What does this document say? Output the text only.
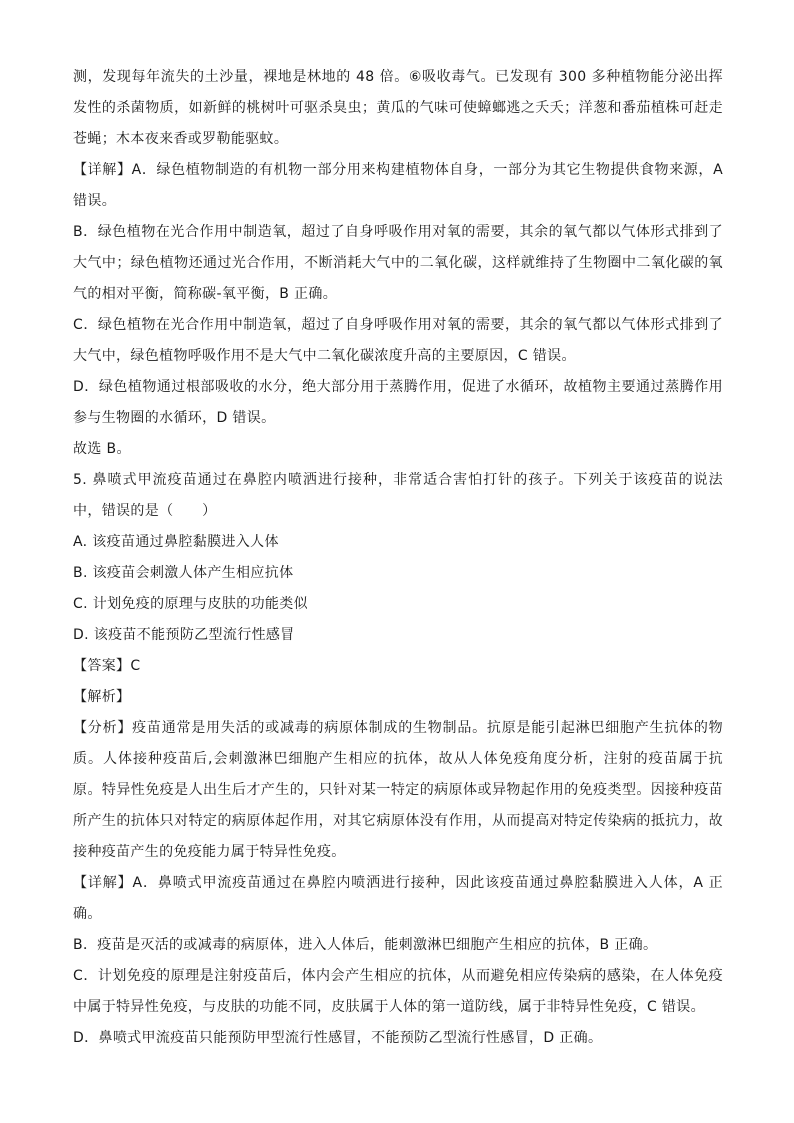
测，发现每年流失的土沙量，裸地是林地的 48 倍。⑥吸收毒气。已发现有 300 多种植物能分泌出挥发性的杀菌物质，如新鲜的桃树叶可驱杀臭虫；黄瓜的气味可使蟑螂逃之夭夭；洋葱和番茄植株可赶走苍蝇；木本夜来香或罗勒能驱蚊。

【详解】A．绿色植物制造的有机物一部分用来构建植物体自身，一部分为其它生物提供食物来源，A 错误。

B．绿色植物在光合作用中制造氧，超过了自身呼吸作用对氧的需要，其余的氧气都以气体形式排到了大气中；绿色植物还通过光合作用，不断消耗大气中的二氧化碳，这样就维持了生物圈中二氧化碳的氧气的相对平衡，简称碳-氧平衡，B 正确。

C．绿色植物在光合作用中制造氧，超过了自身呼吸作用对氧的需要，其余的氧气都以气体形式排到了大气中，绿色植物呼吸作用不是大气中二氧化碳浓度升高的主要原因，C 错误。

D．绿色植物通过根部吸收的水分，绝大部分用于蒸腾作用，促进了水循环，故植物主要通过蒸腾作用参与生物圈的水循环，D 错误。

故选 B。

5. 鼻喷式甲流疫苗通过在鼻腔内喷洒进行接种，非常适合害怕打针的孩子。下列关于该疫苗的说法中，错误的是（　　）

A. 该疫苗通过鼻腔黏膜进入人体

B. 该疫苗会刺激人体产生相应抗体

C. 计划免疫的原理与皮肤的功能类似

D. 该疫苗不能预防乙型流行性感冒

【答案】C

【解析】

【分析】疫苗通常是用失活的或减毒的病原体制成的生物制品。抗原是能引起淋巴细胞产生抗体的物质。人体接种疫苗后,会刺激淋巴细胞产生相应的抗体，故从人体免疫角度分析，注射的疫苗属于抗原。特异性免疫是人出生后才产生的，只针对某一特定的病原体或异物起作用的免疫类型。因接种疫苗所产生的抗体只对特定的病原体起作用，对其它病原体没有作用，从而提高对特定传染病的抵抗力，故接种疫苗产生的免疫能力属于特异性免疫。

【详解】A．鼻喷式甲流疫苗通过在鼻腔内喷洒进行接种，因此该疫苗通过鼻腔黏膜进入人体，A 正确。

B．疫苗是灭活的或减毒的病原体，进入人体后，能刺激淋巴细胞产生相应的抗体，B 正确。

C．计划免疫的原理是注射疫苗后，体内会产生相应的抗体，从而避免相应传染病的感染，在人体免疫中属于特异性免疫，与皮肤的功能不同，皮肤属于人体的第一道防线，属于非特异性免疫，C 错误。

D．鼻喷式甲流疫苗只能预防甲型流行性感冒，不能预防乙型流行性感冒，D 正确。
